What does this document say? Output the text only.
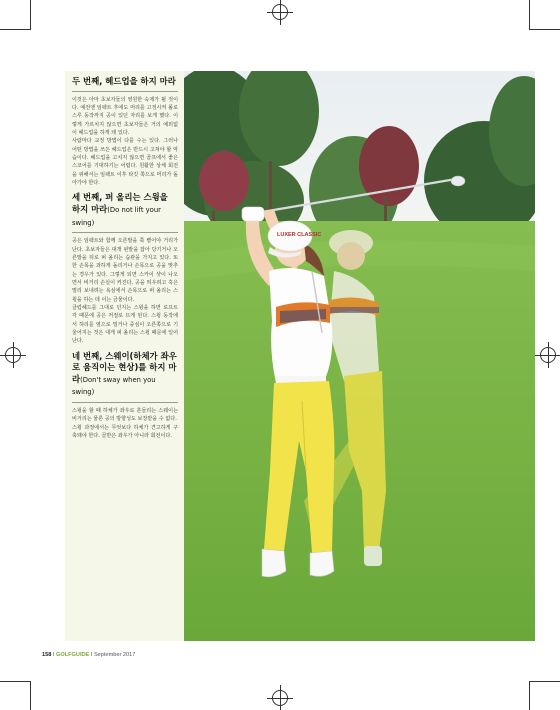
두 번째, 헤드업을 하지 마라

이것은 아마 초보자들의 영원한 숙제가 될 것이다. 예전엔 임팩트 후에도 머리를 고정시켜 폴로스루 동작까지 공이 있던 자리를 보게 했다. 이렇게 가르치지 않으면 초보자들은 거의 예외없이 헤드업을 하게 돼 있다.

사람마다 교정 방법이 다를 수는 있다. 그러나 어떤 방법을 쓰든 헤드업은 반드시 고쳐야 할 악습이다. 헤드업을 고치지 않으면 골프에서 좋은 스코어를 기대하기는 어렵다. 원활한 상체 회전을 위해서는 임팩트 이후 타깃 쪽으로 머리가 돌아가야 한다.

세 번째, 퍼 올리는 스윙을 하지 마라(Do not lift your swing)

공은 임팩트와 함께 오른발을 쭉 뻗어야 거리가 난다. 초보자들은 대개 왼발을 잡아 당기거나 오른발을 뒤로 퍼 올리는 습관을 가지고 있다. 또한 손목을 과하게 돌리거나 손목으로 공을 맞추는 경우가 있다. 그렇게 되면 스카이 샷이 나오면서 비거리 손실이 커진다. 공을 띄우려고 혹은 멀리 보내려는 욕심에서 손목으로 퍼 올리는 스윙을 하는 데 이는 금물이다.

클럽헤드를 그대로 던지는 스윙을 하면 로프트각 때문에 공은 저절로 뜨게 된다. 스윙 동작에서 허리를 옆으로 밀거나 중심이 오른쪽으로 기울어지는 것은 대게 퍼 올리는 스윙 때문에 일어난다.

네 번째, 스웨이(하체가 좌우로 움직이는 현상)를 하지 마라(Don't sway when you swing)

스윙을 할 때 하체가 좌우로 흔들리는 스웨이는 비거리는 물론 공의 방향성도 보장받을 수 없다.

스윙 과정에서는 무엇보다 하체가 견고하게 구축돼야 한다. 골반은 좌우가 아니라 회전이다.

LUXER CLASSIC
158 I GOLFGUIDE I September 2017
